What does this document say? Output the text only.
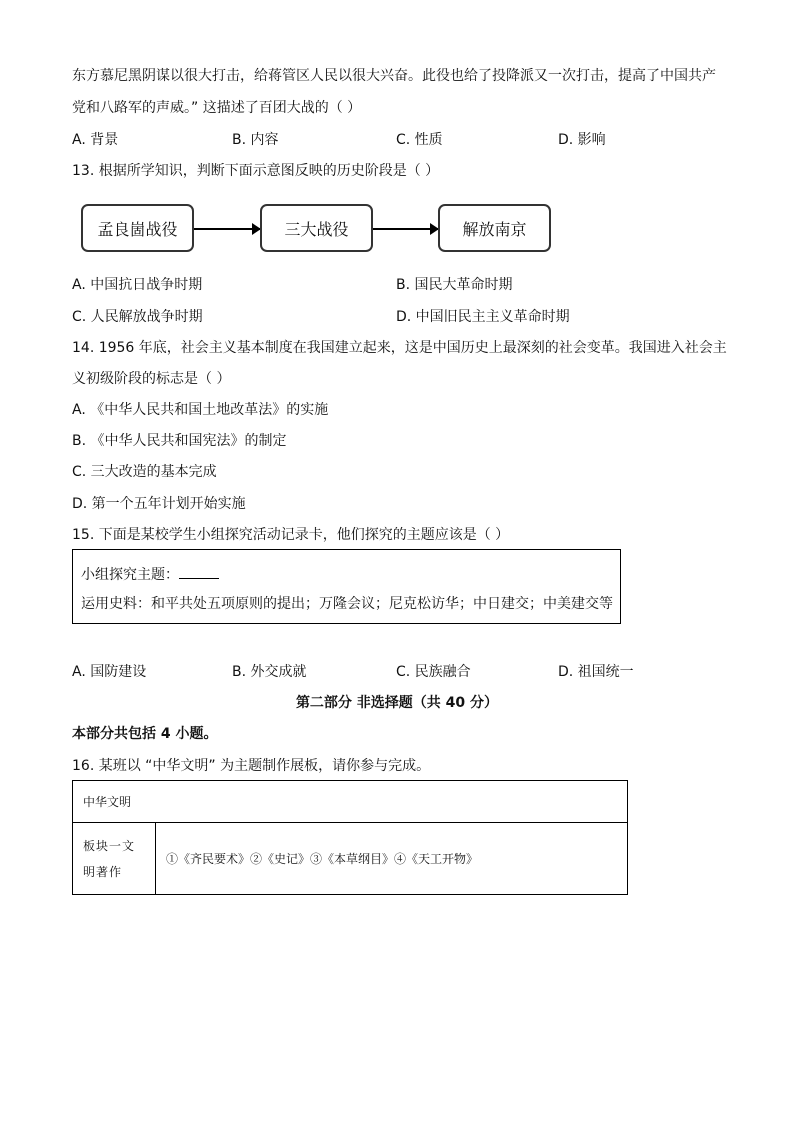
东方慕尼黑阴谋以很大打击，给蒋管区人民以很大兴奋。此役也给了投降派又一次打击，提高了中国共产
党和八路军的声威。” 这描述了百团大战的（ ）
A. 背景	B. 内容	C. 性质	D. 影响
13. 根据所学知识，判断下面示意图反映的历史阶段是（ ）
孟良崮战役	三大战役	解放南京
A. 中国抗日战争时期	B. 国民大革命时期
C. 人民解放战争时期	D. 中国旧民主主义革命时期
14. 1956 年底，社会主义基本制度在我国建立起来，这是中国历史上最深刻的社会变革。我国进入社会主
义初级阶段的标志是（ ）
A. 《中华人民共和国土地改革法》的实施
B. 《中华人民共和国宪法》的制定
C. 三大改造的基本完成
D. 第一个五年计划开始实施
15. 下面是某校学生小组探究活动记录卡，他们探究的主题应该是（ ）
小组探究主题：
运用史料：和平共处五项原则的提出；万隆会议；尼克松访华；中日建交；中美建交等
A. 国防建设	B. 外交成就	C. 民族融合	D. 祖国统一
第二部分 非选择题（共 40 分）
本部分共包括 4 小题。
16. 某班以 “中华文明” 为主题制作展板，请你参与完成。
中华文明

板块一文
明著作
	①《齐民要术》②《史记》③《本草纲目》④《天工开物》
